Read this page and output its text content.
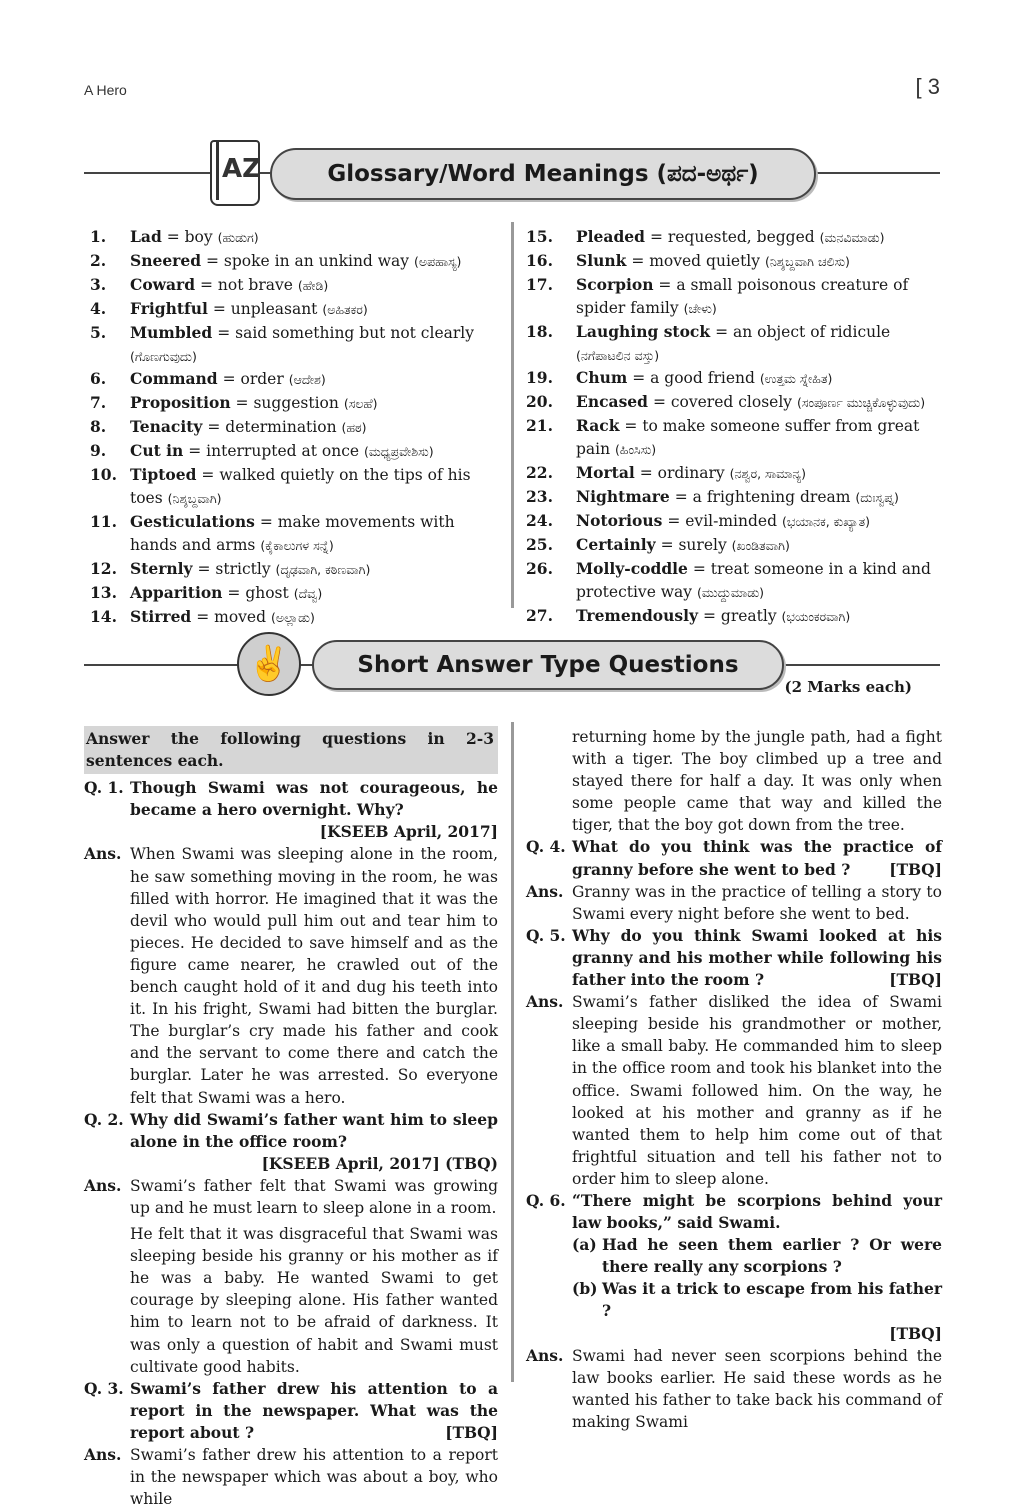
A Hero	[ 3
AZ	Glossary/Word Meanings (ಪದ-ಅರ್ಥ)
1.	Lad = boy (ಹುಡುಗ)
2.	Sneered = spoke in an unkind way (ಅಪಹಾಸ್ಯ)
3.	Coward = not brave (ಹೇಡಿ)
4.	Frightful = unpleasant (ಅಹಿತಕರ)
5.	Mumbled = said something but not clearly (ಗೊಣಗುವುದು)
6.	Command = order (ಆದೇಶ)
7.	Proposition = suggestion (ಸಲಹೆ)
8.	Tenacity = determination (ಹಠ)
9.	Cut in = interrupted at once (ಮಧ್ಯಪ್ರವೇಶಿಸು)
10. Tiptoed = walked quietly on the tips of his toes (ನಿಶ್ಶಬ್ದವಾಗಿ)
11. Gesticulations = make movements with hands and arms (ಕೈಕಾಲುಗಳ ಸನ್ನೆ)
12. Sternly = strictly (ದೃಢವಾಗಿ, ಕಠಿಣವಾಗಿ)
13. Apparition = ghost (ದೆವ್ವ)
14. Stirred = moved (ಅಲ್ಲಾಡು)
15.	Pleaded = requested, begged (ಮನವಿಮಾಡು)
16.	Slunk = moved quietly (ನಿಶ್ಶಬ್ದವಾಗಿ ಚಲಿಸು)
17.	Scorpion = a small poisonous creature of spider family (ಚೇಳು)
18.	Laughing stock = an object of ridicule (ನಗೆಪಾಟಲಿನ ವಸ್ತು)
19.	Chum = a good friend (ಉತ್ತಮ ಸ್ನೇಹಿತ)
20.	Encased = covered closely (ಸಂಪೂರ್ಣ ಮುಚ್ಚಿಕೊಳ್ಳುವುದು)
21.	Rack = to make someone suffer from great pain (ಹಿಂಸಿಸು)
22.	Mortal = ordinary (ನಶ್ವರ, ಸಾಮಾನ್ಯ)
23.	Nightmare = a frightening dream (ದುಃಸ್ವಪ್ನ)
24.	Notorious = evil-minded (ಭಯಾನಕ, ಕುಖ್ಯಾತ)
25.	Certainly = surely (ಖಂಡಿತವಾಗಿ)
26.	Molly-coddle = treat someone in a kind and protective way (ಮುದ್ದುಮಾಡು)
27.	Tremendously = greatly (ಭಯಂಕರವಾಗಿ)
✌	Short Answer Type Questions
(2 Marks each)
Answer the following questions in 2-3 sentences each.
Q. 1. Though Swami was not courageous, he became a hero overnight. Why?
[KSEEB April, 2017]
Ans. When Swami was sleeping alone in the room, he saw something moving in the room, he was filled with horror. He imagined that it was the devil who would pull him out and tear him to pieces. He decided to save himself and as the figure came nearer, he crawled out of the bench caught hold of it and dug his teeth into it. In his fright, Swami had bitten the burglar. The burglar’s cry made his father and cook and the servant to come there and catch the burglar. Later he was arrested. So everyone felt that Swami was a hero.
Q. 2. Why did Swami’s father want him to sleep alone in the office room?
[KSEEB April, 2017] (TBQ)
Ans. Swami’s father felt that Swami was growing up and he must learn to sleep alone in a room.
He felt that it was disgraceful that Swami was sleeping beside his granny or his mother as if he was a baby. He wanted Swami to get courage by sleeping alone. His father wanted him to learn not to be afraid of darkness. It was only a question of habit and Swami must cultivate good habits.
Q. 3. Swami’s father drew his attention to a report in the newspaper. What was the report about ?	[TBQ]
Ans. Swami’s father drew his attention to a report in the newspaper which was about a boy, who while
returning home by the jungle path, had a fight with a tiger. The boy climbed up a tree and stayed there for half a day. It was only when some people came that way and killed the tiger, that the boy got down from the tree.
Q. 4. What do you think was the practice of granny before she went to bed ?	[TBQ]
Ans. Granny was in the practice of telling a story to Swami every night before she went to bed.
Q. 5. Why do you think Swami looked at his granny and his mother while following his father into the room ?	[TBQ]
Ans. Swami’s father disliked the idea of Swami sleeping beside his grandmother or mother, like a small baby. He commanded him to sleep in the office room and took his blanket into the office. Swami followed him. On the way, he looked at his mother and granny as if he wanted them to help him come out of that frightful situation and tell his father not to order him to sleep alone.
Q. 6. “There might be scorpions behind your law books,” said Swami.
(a) Had he seen them earlier ? Or were there really any scorpions ?
(b) Was it a trick to escape from his father ?
[TBQ]
Ans. Swami had never seen scorpions behind the law books earlier. He said these words as he wanted his father to take back his command of making Swami
